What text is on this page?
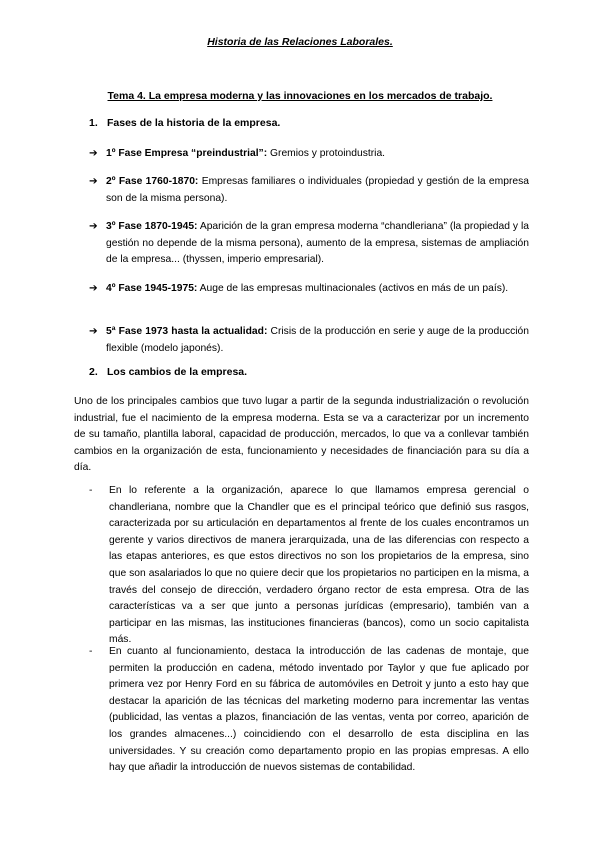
Historia de las Relaciones Laborales.
Tema 4. La empresa moderna y las innovaciones en los mercados de trabajo.
1. Fases de la historia de la empresa.
➔ 1º Fase Empresa “preindustrial”: Gremios y protoindustria.
➔ 2º Fase 1760-1870: Empresas familiares o individuales (propiedad y gestión de la empresa son de la misma persona).
➔ 3º Fase 1870-1945: Aparición de la gran empresa moderna “chandleriana” (la propiedad y la gestión no depende de la misma persona), aumento de la empresa, sistemas de ampliación de la empresa... (thyssen, imperio empresarial).
➔ 4º Fase 1945-1975: Auge de las empresas multinacionales (activos en más de un país).
➔ 5ª Fase 1973 hasta la actualidad: Crisis de la producción en serie y auge de la producción flexible (modelo japonés).
2. Los cambios de la empresa.
Uno de los principales cambios que tuvo lugar a partir de la segunda industrialización o revolución industrial, fue el nacimiento de la empresa moderna. Esta se va a caracterizar por un incremento de su tamaño, plantilla laboral, capacidad de producción, mercados, lo que va a conllevar también cambios en la organización de esta, funcionamiento y necesidades de financiación para su día a día.
- En lo referente a la organización, aparece lo que llamamos empresa gerencial o chandleriana, nombre que la Chandler que es el principal teórico que definió sus rasgos, caracterizada por su articulación en departamentos al frente de los cuales encontramos un gerente y varios directivos de manera jerarquizada, una de las diferencias con respecto a las etapas anteriores, es que estos directivos no son los propietarios de la empresa, sino que son asalariados lo que no quiere decir que los propietarios no participen en la misma, a través del consejo de dirección, verdadero órgano rector de esta empresa. Otra de las características va a ser que junto a personas jurídicas (empresario), también van a participar en las mismas, las instituciones financieras (bancos), como un socio capitalista más.
- En cuanto al funcionamiento, destaca la introducción de las cadenas de montaje, que permiten la producción en cadena, método inventado por Taylor y que fue aplicado por primera vez por Henry Ford en su fábrica de automóviles en Detroit y junto a esto hay que destacar la aparición de las técnicas del marketing moderno para incrementar las ventas (publicidad, las ventas a plazos, financiación de las ventas, venta por correo, aparición de los grandes almacenes...) coincidiendo con el desarrollo de esta disciplina en las universidades. Y su creación como departamento propio en las propias empresas. A ello hay que añadir la introducción de nuevos sistemas de contabilidad.
